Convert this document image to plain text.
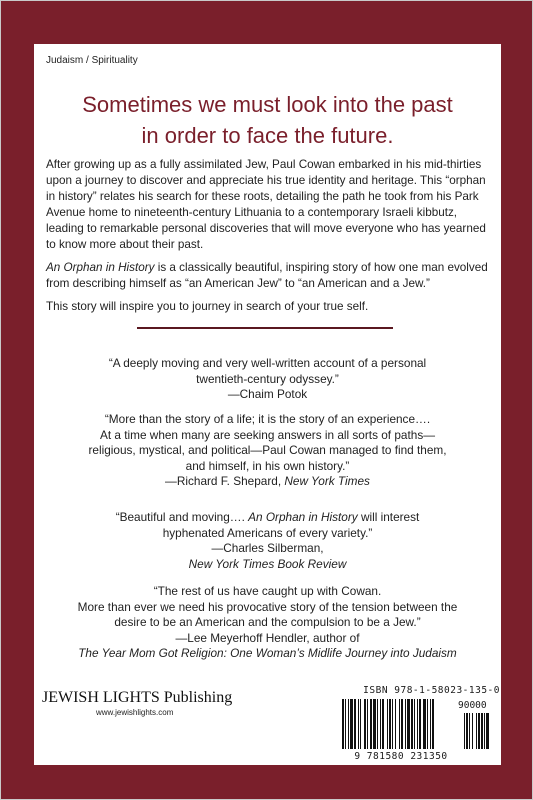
Judaism / Spirituality
Sometimes we must look into the past
in order to face the future.

After growing up as a fully assimilated Jew, Paul Cowan embarked in his mid-thirties upon a journey to discover and appreciate his true identity and heritage. This “orphan in history” relates his search for these roots, detailing the path he took from his Park Avenue home to nineteenth-century Lithuania to a contemporary Israeli kibbutz, leading to remarkable personal discoveries that will move everyone who has yearned to know more about their past.

An Orphan in History is a classically beautiful, inspiring story of how one man evolved from describing himself as “an American Jew” to “an American and a Jew.”

This story will inspire you to journey in search of your true self.

“A deeply moving and very well-written account of a personal
twentieth-century odyssey.”
—Chaim Potok
“More than the story of a life; it is the story of an experience….
At a time when many are seeking answers in all sorts of paths—
religious, mystical, and political—Paul Cowan managed to find them,
and himself, in his own history.”
—Richard F. Shepard, New York Times
“Beautiful and moving…. An Orphan in History will interest
hyphenated Americans of every variety.”
—Charles Silberman,
New York Times Book Review
“The rest of us have caught up with Cowan.
More than ever we need his provocative story of the tension between the
desire to be an American and the compulsion to be a Jew.”
—Lee Meyerhoff Hendler, author of
The Year Mom Got Religion: One Woman’s Midlife Journey into Judaism
JEWISH LIGHTS Publishing
www.jewishlights.com
ISBN 978-1-58023-135-0
90000
9 781580 231350
